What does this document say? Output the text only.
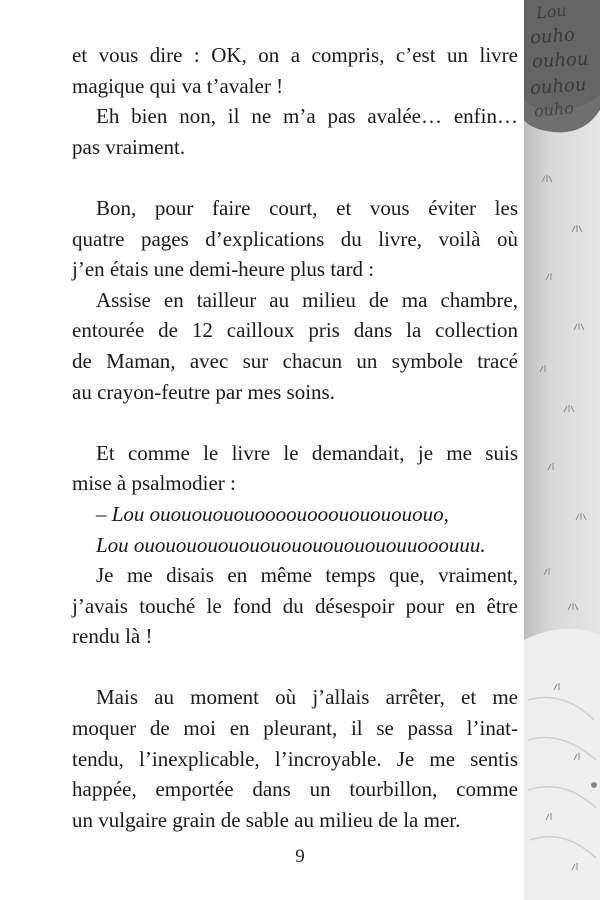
et vous dire : OK, on a compris, c’est un livre
magique qui va t’avaler !

Eh bien non, il ne m’a pas avalée… enfin…
pas vraiment.

Bon, pour faire court, et vous éviter les
quatre pages d’explications du livre, voilà où
j’en étais une demi-heure plus tard :

Assise en tailleur au milieu de ma chambre,
entourée de 12 cailloux pris dans la collection
de Maman, avec sur chacun un symbole tracé
au crayon-feutre par mes soins.

Et comme le livre le demandait, je me suis
mise à psalmodier :

– Lou ouououououoooouooouououououo,

Lou ouououououououououououououuooouuu.

Je me disais en même temps que, vraiment,
j’avais touché le fond du désespoir pour en être
rendu là !

Mais au moment où j’allais arrêter, et me
moquer de moi en pleurant, il se passa l’inat-
tendu, l’inexplicable, l’incroyable. Je me sentis
happée, emportée dans un tourbillon, comme
un vulgaire grain de sable au milieu de la mer.

9
Lou
ouho
ouhou
ouhou
ouho
